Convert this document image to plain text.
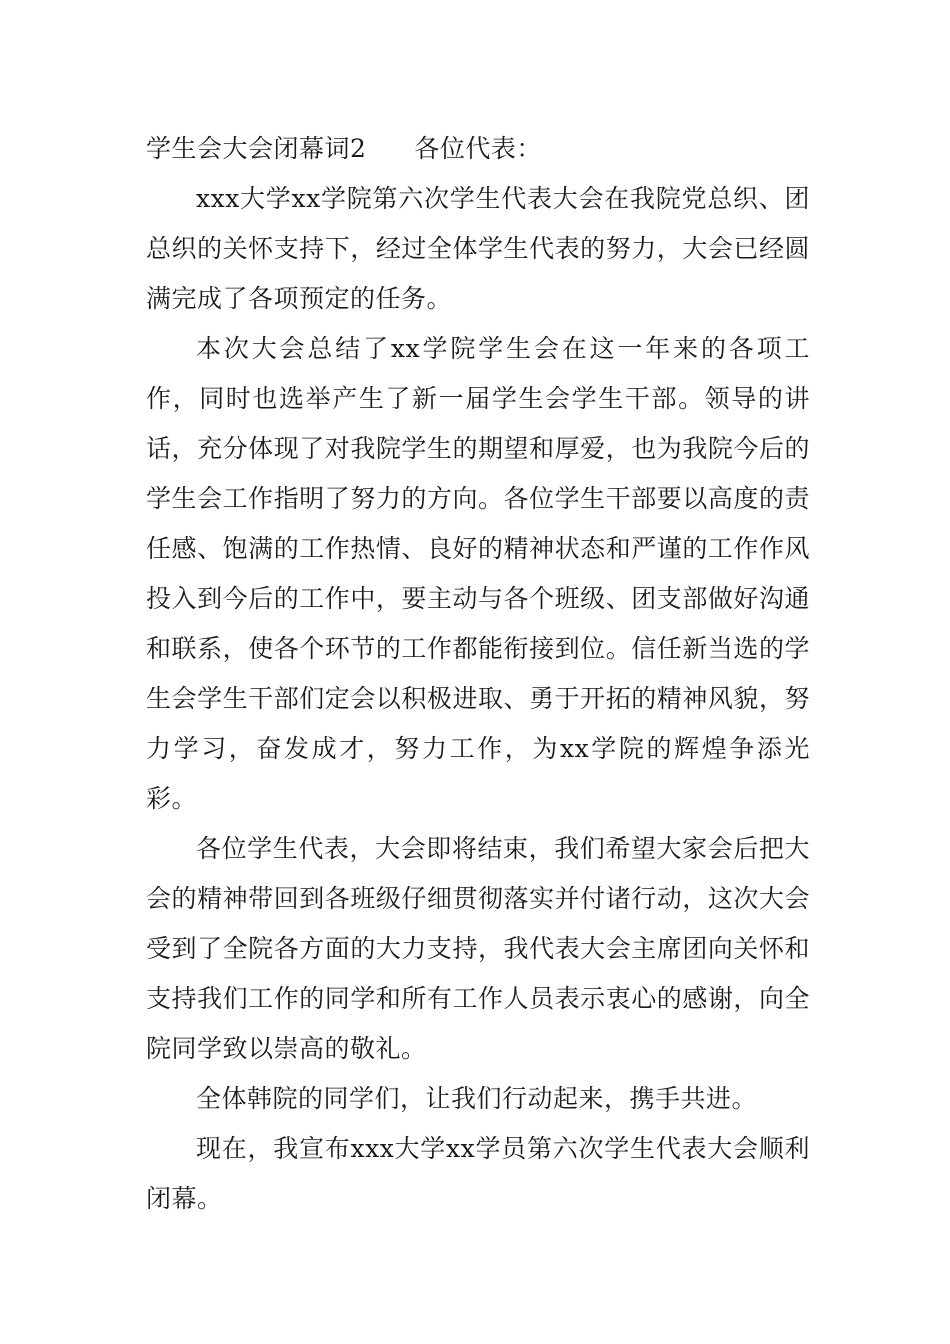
学生会大会闭幕词2 各位代表：

xxx大学xx学院第六次学生代表大会在我院党总织、团总织的关怀支持下，经过全体学生代表的努力，大会已经圆满完成了各项预定的任务。

本次大会总结了xx学院学生会在这一年来的各项工作，同时也选举产生了新一届学生会学生干部。领导的讲话，充分体现了对我院学生的期望和厚爱，也为我院今后的学生会工作指明了努力的方向。各位学生干部要以高度的责任感、饱满的工作热情、良好的精神状态和严谨的工作作风投入到今后的工作中，要主动与各个班级、团支部做好沟通和联系，使各个环节的工作都能衔接到位。信任新当选的学生会学生干部们定会以积极进取、勇于开拓的精神风貌，努力学习，奋发成才，努力工作，为xx学院的辉煌争添光彩。

各位学生代表，大会即将结束，我们希望大家会后把大会的精神带回到各班级仔细贯彻落实并付诸行动，这次大会受到了全院各方面的大力支持，我代表大会主席团向关怀和支持我们工作的同学和所有工作人员表示衷心的感谢，向全院同学致以崇高的敬礼。

全体韩院的同学们，让我们行动起来，携手共进。

现在，我宣布xxx大学xx学员第六次学生代表大会顺利闭幕。
